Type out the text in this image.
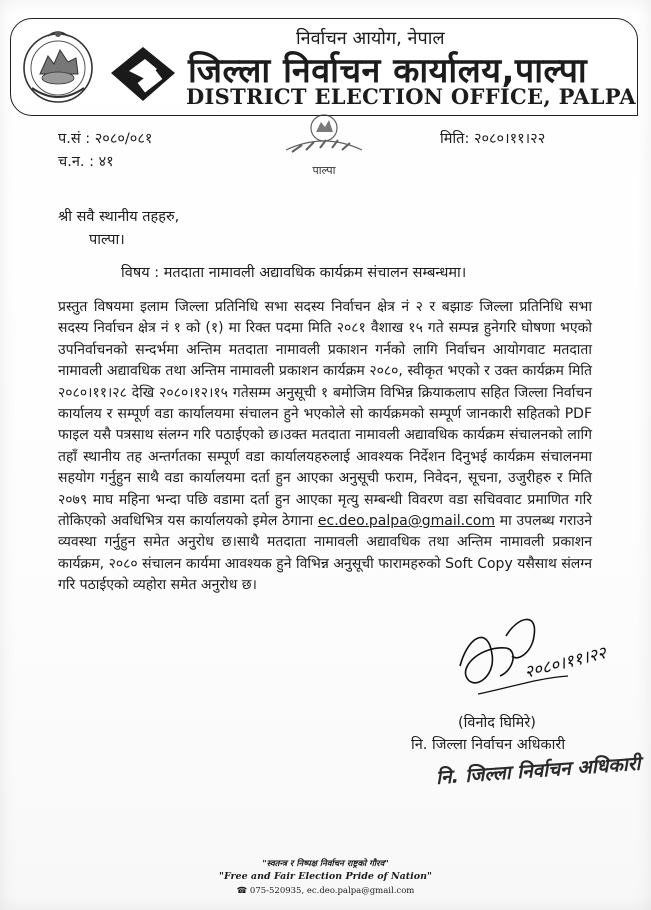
निर्वाचन आयोग, नेपाल
जिल्ला निर्वाचन कार्यालय,पाल्पा
DISTRICT ELECTION OFFICE, PALPA
प.सं : २०८०/०८१
च.न. : ४१
मिति: २०८०।११।२२
पाल्पा
श्री सवै स्थानीय तहहरु,
पाल्पा।
विषय : मतदाता नामावली अद्यावधिक कार्यक्रम संचालन सम्बन्धमा।
प्रस्तुत विषयमा इलाम जिल्ला प्रतिनिधि सभा सदस्य निर्वाचन क्षेत्र नं २ र बझाङ जिल्ला प्रतिनिधि सभा सदस्य निर्वाचन क्षेत्र नं १ को (१) मा रिक्त पदमा मिति २०८१ वैशाख १५ गते सम्पन्न हुनेगरि घोषणा भएको उपनिर्वाचनको सन्दर्भमा अन्तिम मतदाता नामावली प्रकाशन गर्नको लागि निर्वाचन आयोगवाट मतदाता नामावली अद्यावधिक तथा अन्तिम नामावली प्रकाशन कार्यक्रम २०८०, स्वीकृत भएको र उक्त कार्यक्रम मिति २०८०।११।२८ देखि २०८०।१२।१५ गतेसम्म अनुसूची १ बमोजिम विभिन्न क्रियाकलाप सहित जिल्ला निर्वाचन कार्यालय र सम्पूर्ण वडा कार्यालयमा संचालन हुने भएकोले सो कार्यक्रमको सम्पूर्ण जानकारी सहितको PDF फाइल यसै पत्रसाथ संलग्न गरि पठाईएको छ।उक्त मतदाता नामावली अद्यावधिक कार्यक्रम संचालनको लागि तहाँ स्थानीय तह अन्तर्गतका सम्पूर्ण वडा कार्यालयहरुलाई आवश्यक निर्देशन दिनुभई कार्यक्रम संचालनमा सहयोग गर्नुहुन साथै वडा कार्यालयमा दर्ता हुन आएका अनुसूची फराम, निवेदन, सूचना, उजुरीहरु र मिति २०७९ माघ महिना भन्दा पछि वडामा दर्ता हुन आएका मृत्यु सम्बन्धी विवरण वडा सचिववाट प्रमाणित गरि तोकिएको अवधिभित्र यस कार्यालयको इमेल ठेगाना ec.deo.palpa@gmail.com मा उपलब्ध गराउने व्यवस्था गर्नुहुन समेत अनुरोध छ।साथै मतदाता नामावली अद्यावधिक तथा अन्तिम नामावली प्रकाशन कार्यक्रम, २०८० संचालन कार्यमा आवश्यक हुने विभिन्न अनुसूची फारामहरुको Soft Copy यसैसाथ संलग्न गरि पठाईएको व्यहोरा समेत अनुरोध छ।
२०८०।११।२२
(विनोद घिमिरे)
नि. जिल्ला निर्वाचन अधिकारी
नि. जिल्ला निर्वाचन अधिकारी
"स्वतन्त्र र निष्पक्ष निर्वाचन राष्ट्रको गौरव"
"Free and Fair Election Pride of Nation"
☎ 075-520935, ec.deo.palpa@gmail.com
